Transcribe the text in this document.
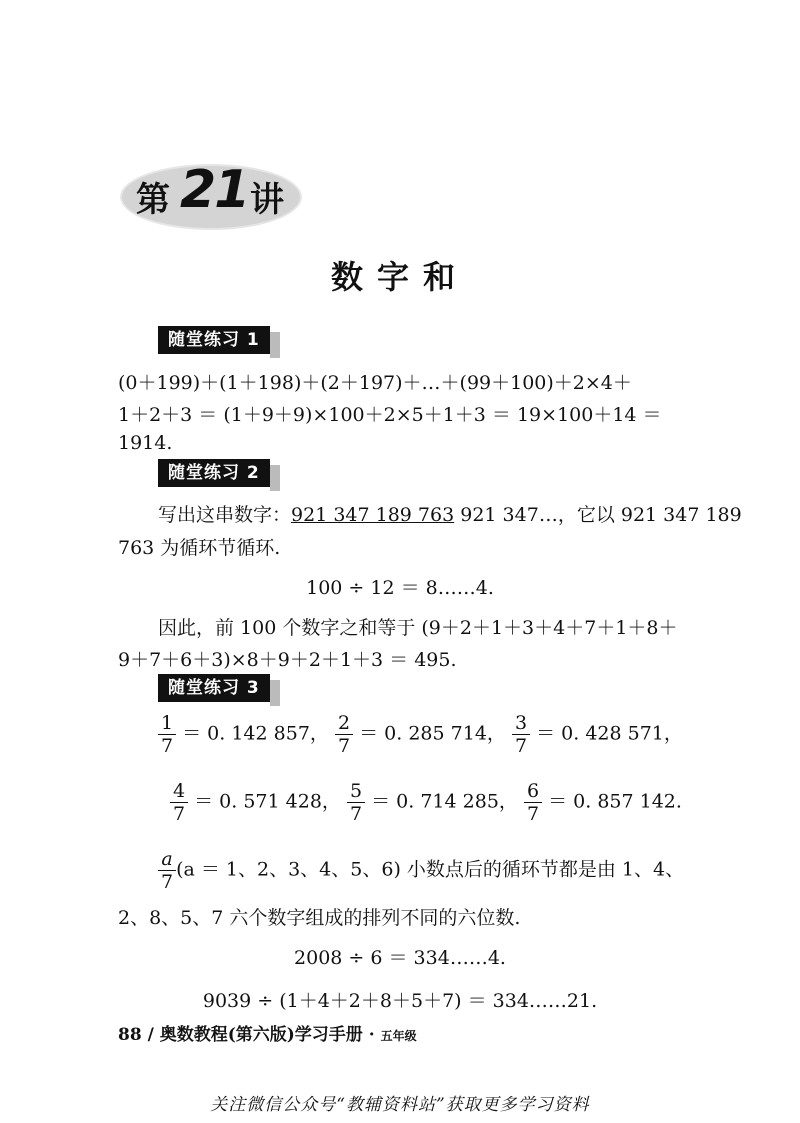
第 21 讲
数字和
随堂练习 1
(0＋199)＋(1＋198)＋(2＋197)＋…＋(99＋100)＋2×4＋
1＋2＋3 ＝ (1＋9＋9)×100＋2×5＋1＋3 ＝ 19×100＋14 ＝
1914.
随堂练习 2
写出这串数字：921 347 189 763 921 347…，它以 921 347 189
763 为循环节循环.
100 ÷ 12 ＝ 8……4.
因此，前 100 个数字之和等于 (9＋2＋1＋3＋4＋7＋1＋8＋
9＋7＋6＋3)×8＋9＋2＋1＋3 ＝ 495.
随堂练习 3
$\frac{1}{7} = 0$. 142 857， $\frac{2}{7} = 0$. 285 714， $\frac{3}{7} = 0$. 428 571，
$\frac{4}{7} = 0$. 571 428， $\frac{5}{7} = 0$. 714 285， $\frac{6}{7} = 0$. 857 142.
$\frac{a}{7} (a = 1$、2、3、4、5、6) 小数点后的循环节都是由 1、4、
2、8、5、7 六个数字组成的排列不同的六位数.
2008 ÷ 6 ＝ 334……4.
9039 ÷ (1＋4＋2＋8＋5＋7) ＝ 334……21.
88 / 奥数教程(第六版)学习手册 · 五年级
关注微信公众号“教辅资料站”获取更多学习资料
